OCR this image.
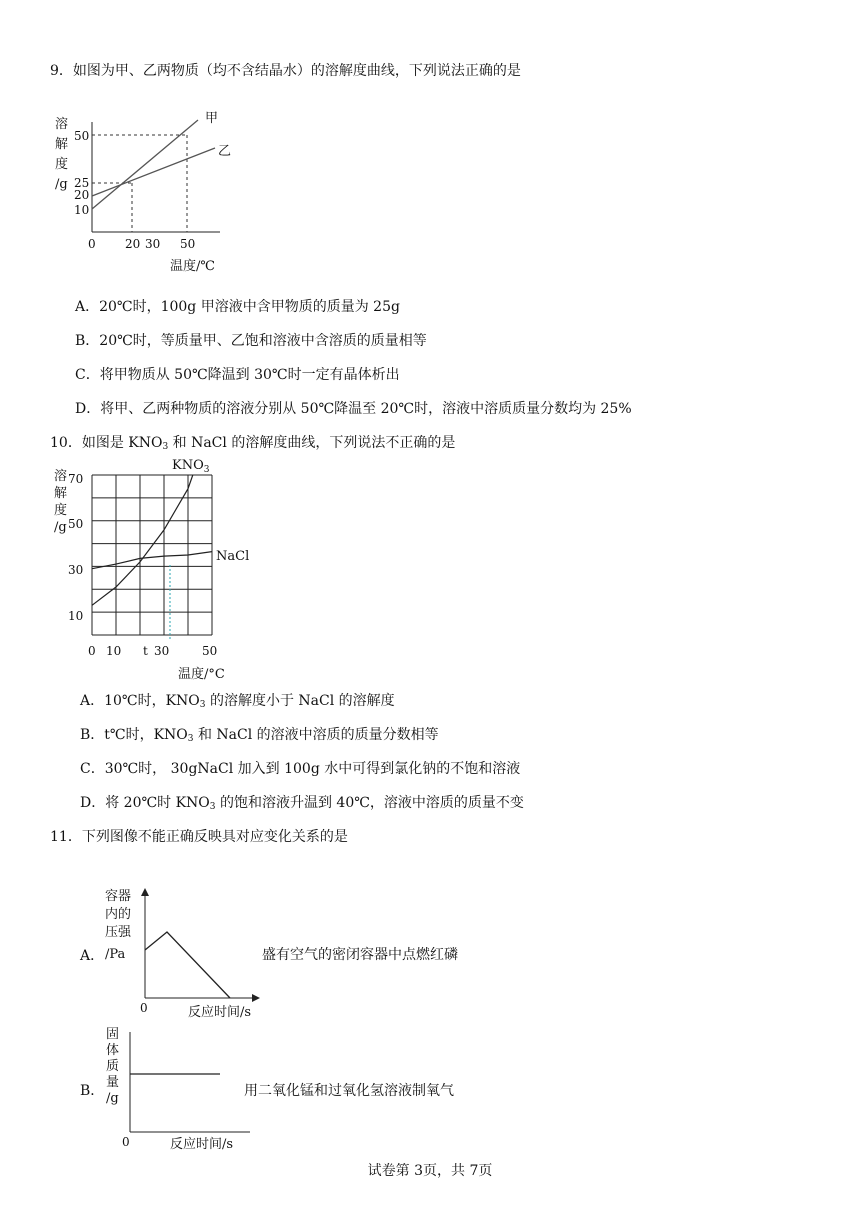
9．如图为甲、乙两物质（均不含结晶水）的溶解度曲线，下列说法正确的是
溶
解
度
/g
50
25
20
10
0 20 30 50
温度/℃
甲
乙
A．20℃时，100g 甲溶液中含甲物质的质量为 25g
B．20℃时，等质量甲、乙饱和溶液中含溶质的质量相等
C．将甲物质从 50℃降温到 30℃时一定有晶体析出
D．将甲、乙两种物质的溶液分别从 50℃降温至 20℃时，溶液中溶质质量分数均为 25%
10．如图是 $KNO_3$ 和 NaCl 的溶解度曲线，下列说法不正确的是
溶
解
度
/g
70
50
30
10
0 10 t 30	50
温度/°C
$KNO_3$
NaCl
A．10℃时，$KNO_3$ 的溶解度小于 NaCl 的溶解度
B．t℃时，$KNO_3$ 和 NaCl 的溶液中溶质的质量分数相等
C．30℃时， 30gNaCl 加入到 100g 水中可得到氯化钠的不饱和溶液
D．将 20℃时 $KNO_3$ 的饱和溶液升温到 40℃，溶液中溶质的质量不变
11．下列图像不能正确反映具对应变化关系的是
A．
容器
内的
压强
/Pa
0	反应时间/s
盛有空气的密闭容器中点燃红磷
B．
固
体
质
量
/g
0	反应时间/s
用二氧化锰和过氧化氢溶液制氧气
试卷第 3页，共 7页
